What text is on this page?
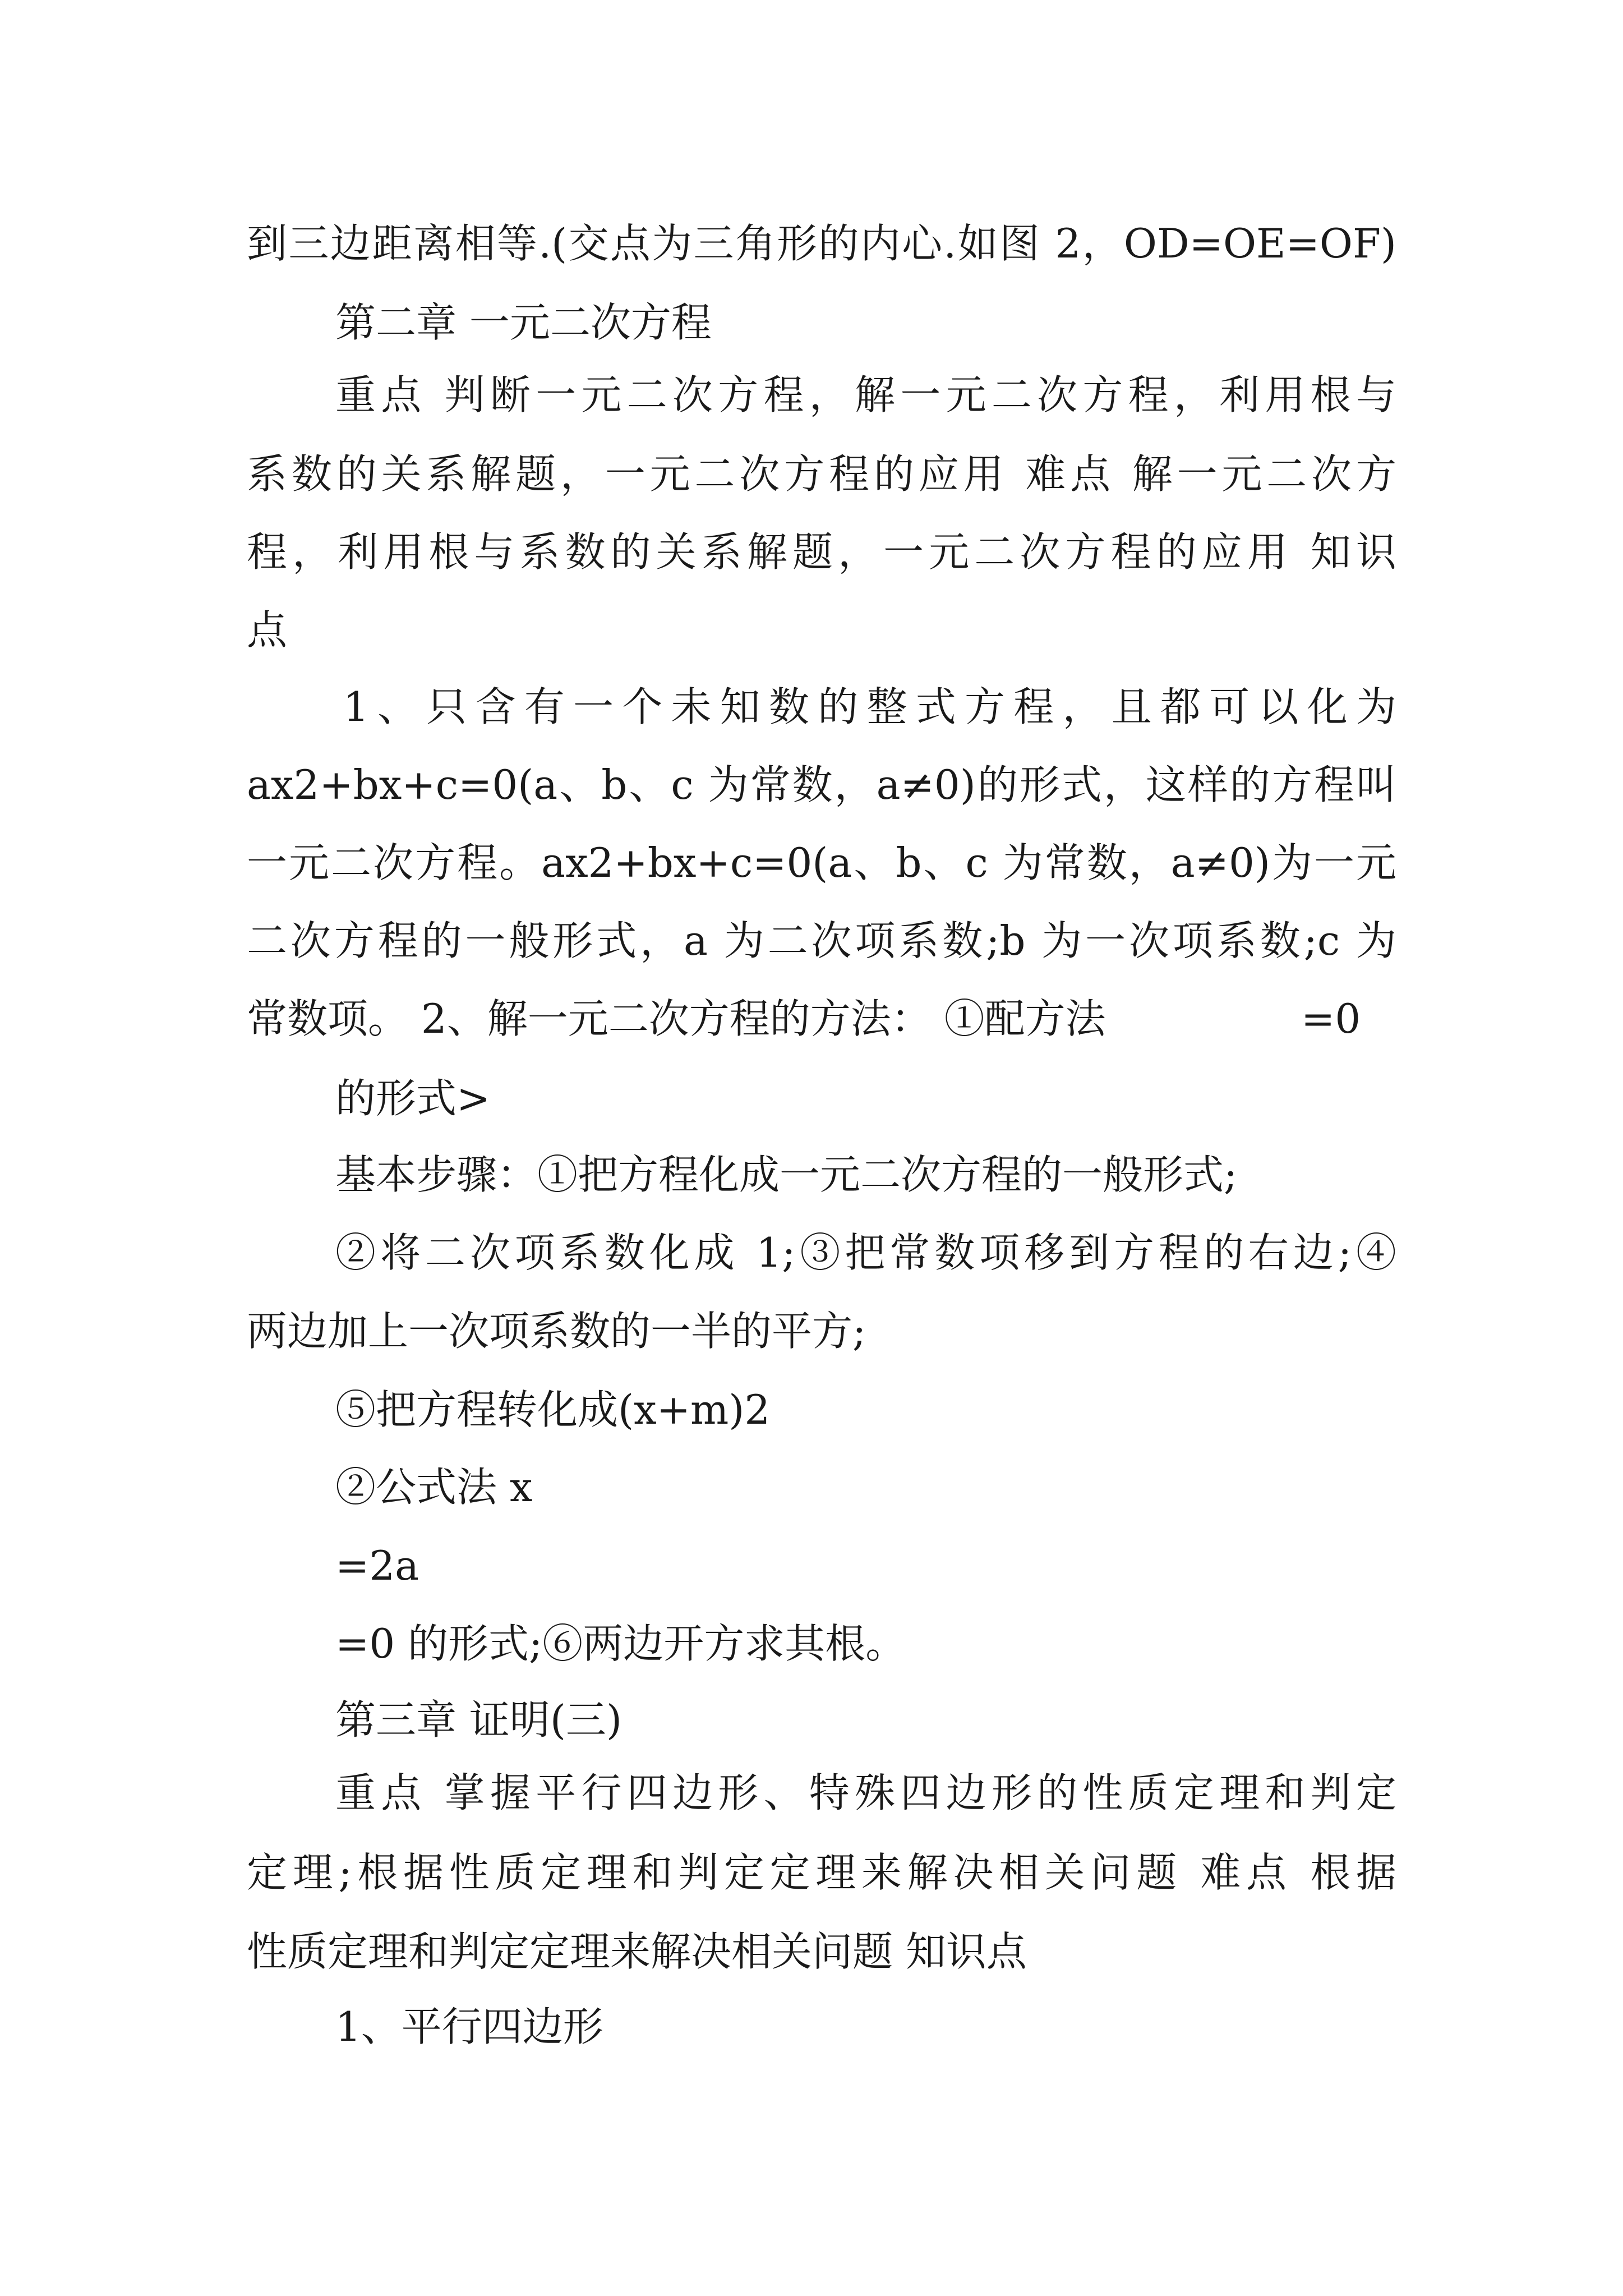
到三边距离相等.(交点为三角形的内心.如图 2，OD=OE=OF)
第二章 一元二次方程
重点 判断一元二次方程，解一元二次方程，利用根与
系数的关系解题，一元二次方程的应用 难点 解一元二次方
程，利用根与系数的关系解题，一元二次方程的应用 知识
点
1、只含有一个未知数的整式方程，且都可以化为
ax2+bx+c=0(a、b、c 为常数，a≠0)的形式，这样的方程叫
一元二次方程。ax2+bx+c=0(a、b、c 为常数，a≠0)为一元
二次方程的一般形式，a 为二次项系数;b 为一次项系数;c 为
常数项。 2、解一元二次方程的方法： ①配方法	=0
的形式>
基本步骤：①把方程化成一元二次方程的一般形式;
②将二次项系数化成 1;③把常数项移到方程的右边;④
两边加上一次项系数的一半的平方;
⑤把方程转化成(x+m)2
②公式法 x
=2a
=0 的形式;⑥两边开方求其根。
第三章 证明(三)
重点 掌握平行四边形、特殊四边形的性质定理和判定
定理;根据性质定理和判定定理来解决相关问题 难点 根据
性质定理和判定定理来解决相关问题 知识点
1、平行四边形
